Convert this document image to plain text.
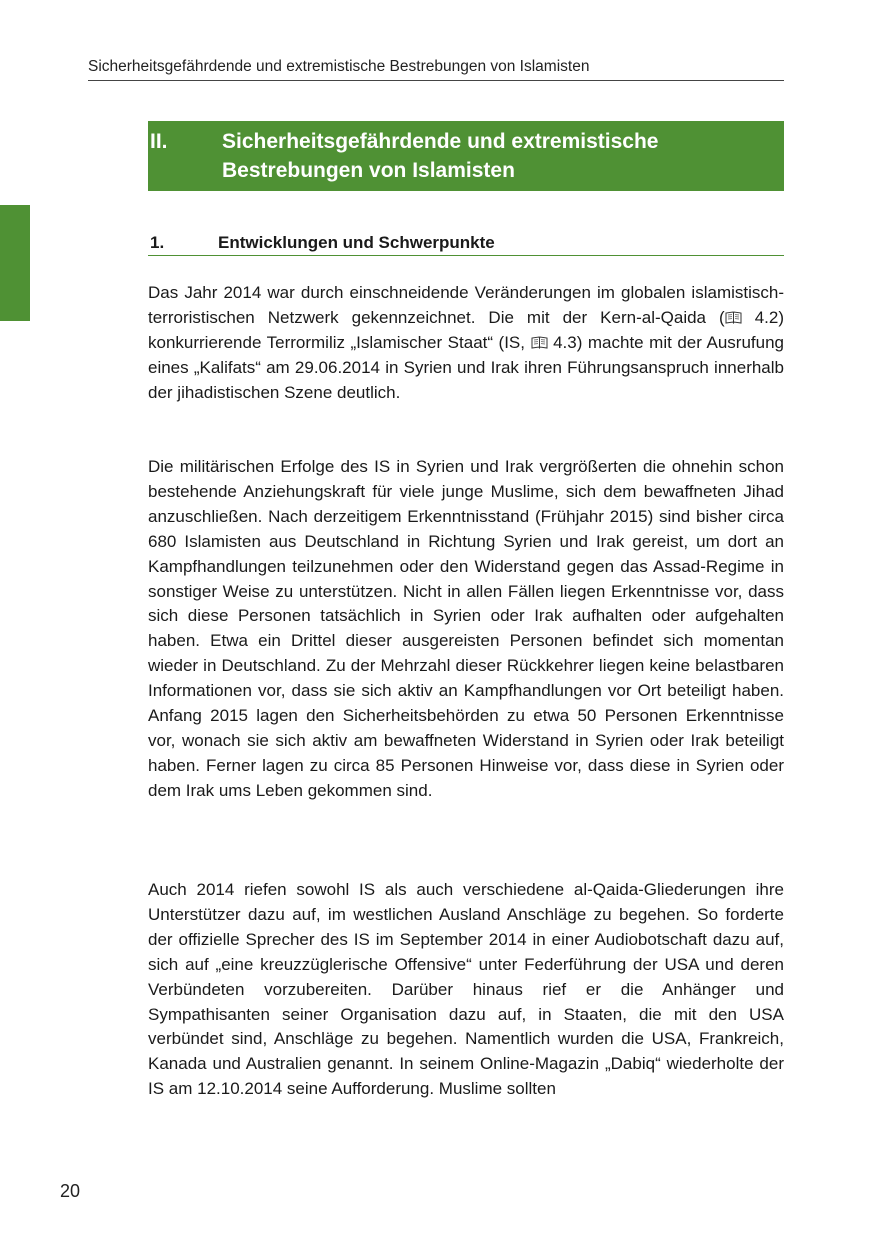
Sicherheitsgefährdende und extremistische Bestrebungen von Islamisten
II.	Sicherheitsgefährdende und extremistische Bestrebungen von Islamisten
1.	Entwicklungen und Schwerpunkte

Das Jahr 2014 war durch einschneidende Veränderungen im globalen islamistisch-terroristischen Netzwerk gekennzeichnet. Die mit der Kern-al-Qaida ( 4.2) konkurrierende Terrormiliz „Islamischer Staat“ (IS,  4.3) machte mit der Ausrufung eines „Kalifats“ am 29.06.2014 in Syrien und Irak ihren Führungsanspruch innerhalb der jihadistischen Szene deutlich.

Die militärischen Erfolge des IS in Syrien und Irak vergrößerten die ohnehin schon bestehende Anziehungskraft für viele junge Muslime, sich dem bewaffneten Jihad anzuschließen. Nach derzeitigem Erkenntnisstand (Frühjahr 2015) sind bisher circa 680 Islamisten aus Deutschland in Richtung Syrien und Irak gereist, um dort an Kampfhandlungen teilzunehmen oder den Widerstand gegen das Assad-Regime in sonstiger Weise zu unterstützen. Nicht in allen Fällen liegen Erkenntnisse vor, dass sich diese Personen tatsächlich in Syrien oder Irak aufhalten oder aufgehalten haben. Etwa ein Drittel dieser ausgereisten Personen befindet sich momentan wieder in Deutschland. Zu der Mehrzahl dieser Rückkehrer liegen keine belastbaren Informationen vor, dass sie sich aktiv an Kampfhandlungen vor Ort beteiligt haben. Anfang 2015 lagen den Sicherheitsbehörden zu etwa 50 Personen Erkenntnisse vor, wonach sie sich aktiv am bewaffneten Widerstand in Syrien oder Irak beteiligt haben. Ferner lagen zu circa 85 Personen Hinweise vor, dass diese in Syrien oder dem Irak ums Leben gekommen sind.

Auch 2014 riefen sowohl IS als auch verschiedene al-Qaida-Gliederungen ihre Unterstützer dazu auf, im westlichen Ausland Anschläge zu begehen. So forderte der offizielle Sprecher des IS im September 2014 in einer Audiobotschaft dazu auf, sich auf „eine kreuzzüglerische Offensive“ unter Federführung der USA und deren Verbündeten vorzubereiten. Darüber hinaus rief er die Anhänger und Sympathisanten seiner Organisation dazu auf, in Staaten, die mit den USA verbündet sind, Anschläge zu begehen. Namentlich wurden die USA, Frankreich, Kanada und Australien genannt. In seinem Online-Magazin „Dabiq“ wiederholte der IS am 12.10.2014 seine Aufforderung. Muslime sollten

20
